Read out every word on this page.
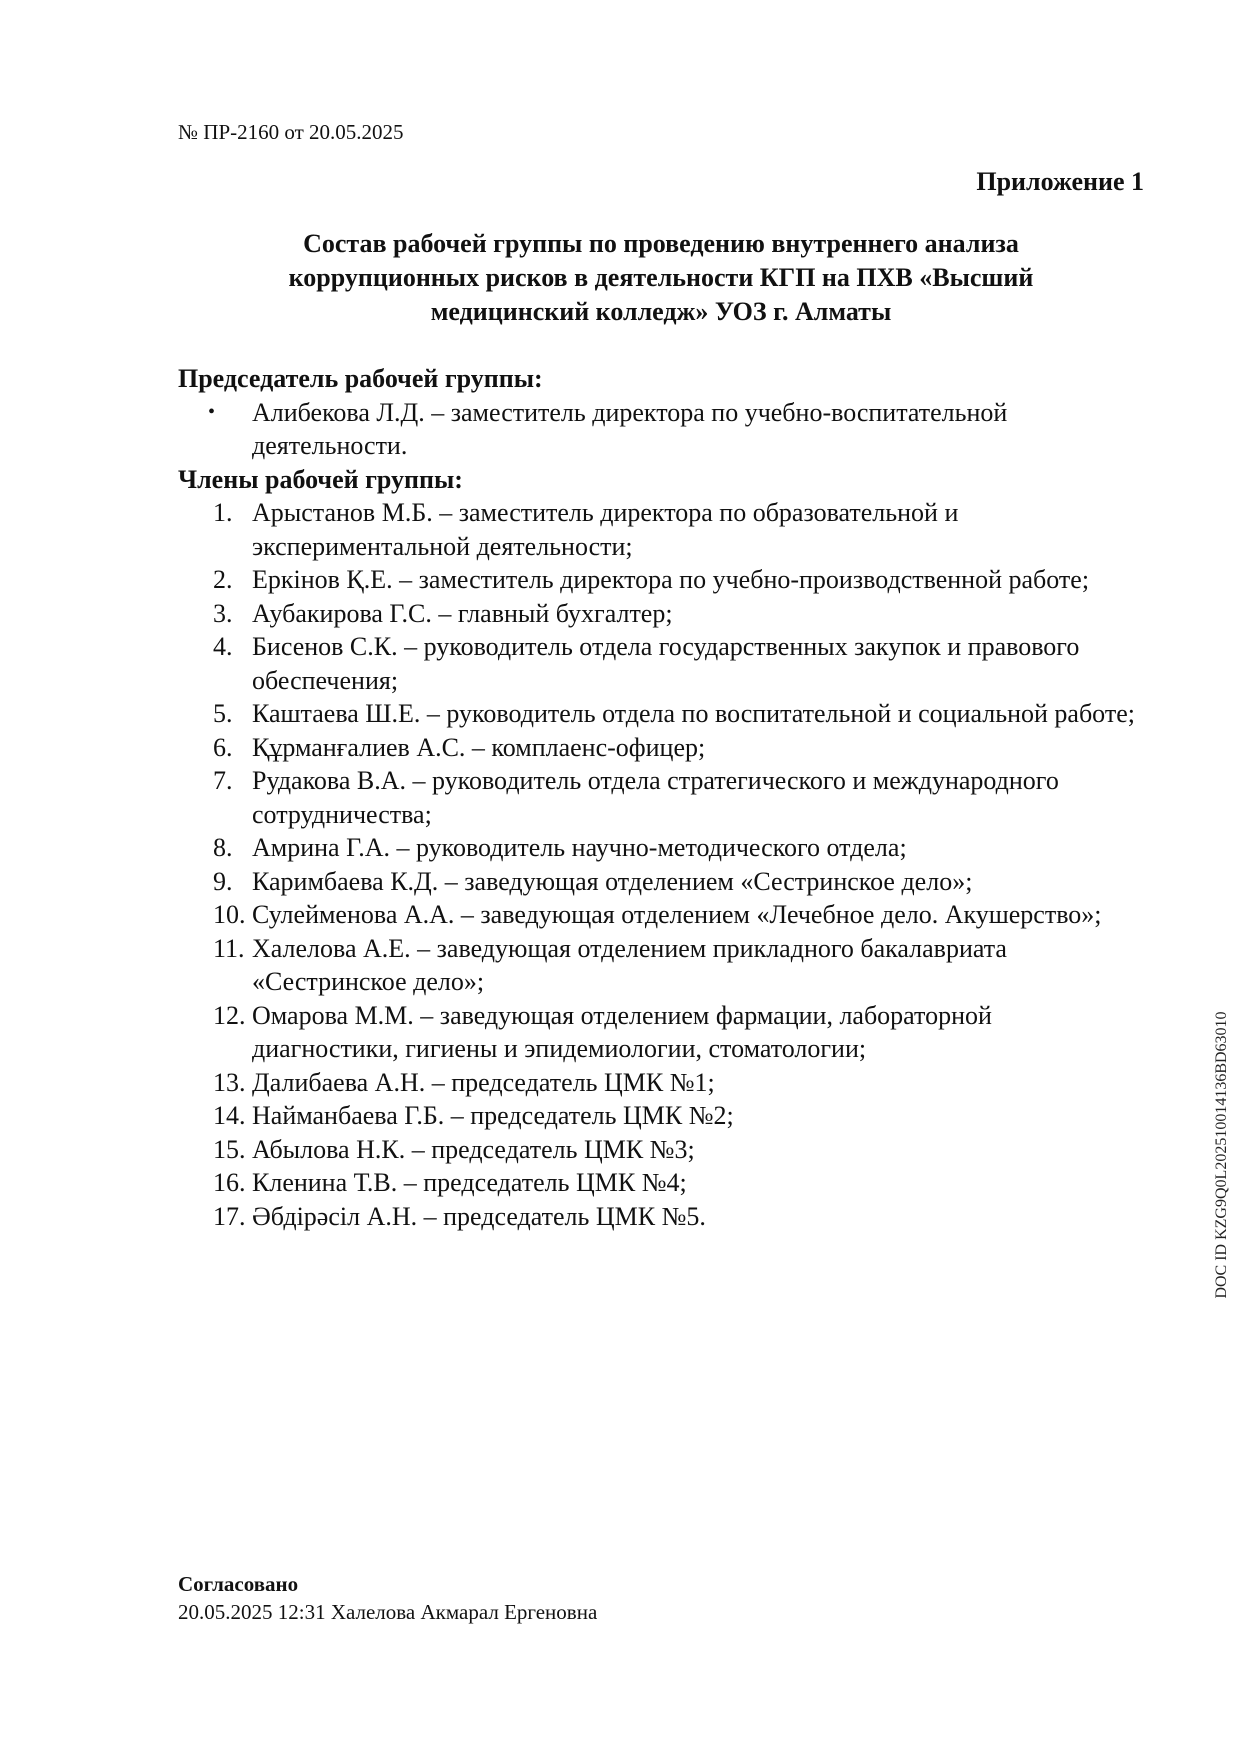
№ ПР-2160 от 20.05.2025
Приложение 1
Состав рабочей группы по проведению внутреннего анализа
коррупционных рисков в деятельности КГП на ПХВ «Высший
медицинский колледж» УОЗ г. Алматы
Председатель рабочей группы:
• Алибекова Л.Д. – заместитель директора по учебно-воспитательной деятельности.
Члены рабочей группы:
1. Арыстанов М.Б. – заместитель директора по образовательной и экспериментальной деятельности;
2. Еркінов Қ.Е. – заместитель директора по учебно-производственной работе;
3. Аубакирова Г.С. – главный бухгалтер;
4. Бисенов С.К. – руководитель отдела государственных закупок и правового обеспечения;
5. Каштаева Ш.Е. – руководитель отдела по воспитательной и социальной работе;
6. Құрманғалиев А.С. – комплаенс-офицер;
7. Рудакова В.А. – руководитель отдела стратегического и международного сотрудничества;
8. Амрина Г.А. – руководитель научно-методического отдела;
9. Каримбаева К.Д. – заведующая отделением «Сестринское дело»;
10. Сулейменова А.А. – заведующая отделением «Лечебное дело. Акушерство»;
11. Халелова А.Е. – заведующая отделением прикладного бакалавриата «Сестринское дело»;
12. Омарова М.М. – заведующая отделением фармации, лабораторной диагностики, гигиены и эпидемиологии, стоматологии;
13. Далибаева А.Н. – председатель ЦМК №1;
14. Найманбаева Г.Б. – председатель ЦМК №2;
15. Абылова Н.К. – председатель ЦМК №3;
16. Кленина Т.В. – председатель ЦМК №4;
17. Әбдірәсіл А.Н. – председатель ЦМК №5.
Согласовано
20.05.2025 12:31 Халелова Акмарал Ергеновна
DOC ID KZG9Q0L202510014136BD63010
